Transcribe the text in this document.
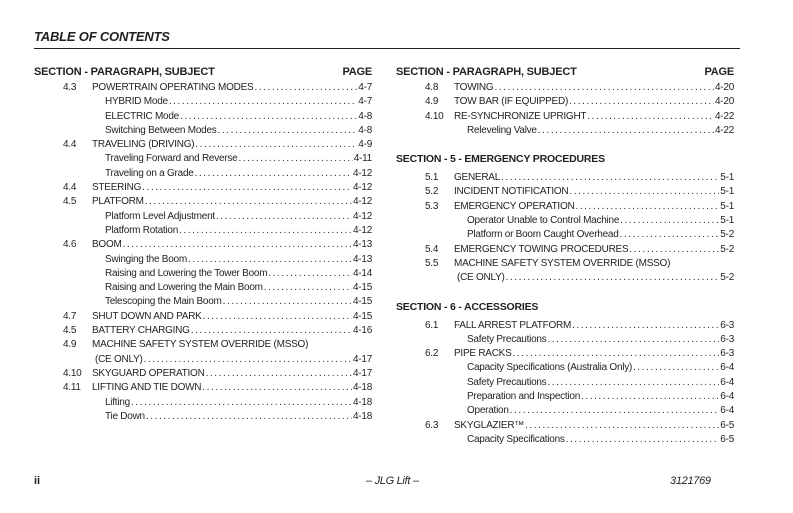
TABLE OF CONTENTS
SECTION - PARAGRAPH, SUBJECT	PAGE
4.3	POWERTRAIN OPERATING MODES . . .	4-7
HYBRID Mode . . .	4-7
ELECTRIC Mode . . .	4-8
Switching Between Modes . . .	4-8
4.4	TRAVELING (DRIVING) . . .	4-9
Traveling Forward and Reverse . . .	4-11
Traveling on a Grade . . .	4-12
4.4	STEERING . . .	4-12
4.5	PLATFORM . . .	4-12
Platform Level Adjustment . . .	4-12
Platform Rotation . . .	4-12
4.6	BOOM . . .	4-13
Swinging the Boom . . .	4-13
Raising and Lowering the Tower Boom . . .	4-14
Raising and Lowering the Main Boom . . .	4-15
Telescoping the Main Boom . . .	4-15
4.7	SHUT DOWN AND PARK . . .	4-15
4.5	BATTERY CHARGING . . .	4-16
4.9	MACHINE SAFETY SYSTEM OVERRIDE (MSSO)
(CE ONLY) . . .	4-17
4.10	SKYGUARD OPERATION . . .	4-17
4.11	LIFTING AND TIE DOWN . . .	4-18
Lifting . . .	4-18
Tie Down . . .	4-18
SECTION - PARAGRAPH, SUBJECT	PAGE
4.8	TOWING . . .	4-20
4.9	TOW BAR (IF EQUIPPED) . . .	4-20
4.10	RE-SYNCHRONIZE UPRIGHT . . .	4-22
Releveling Valve . . .	4-22
SECTION - 5 - EMERGENCY PROCEDURES
5.1	GENERAL . . .	5-1
5.2	INCIDENT NOTIFICATION . . .	5-1
5.3	EMERGENCY OPERATION . . .	5-1
Operator Unable to Control Machine . . .	5-1
Platform or Boom Caught Overhead . . .	5-2
5.4	EMERGENCY TOWING PROCEDURES . . .	5-2
5.5	MACHINE SAFETY SYSTEM OVERRIDE (MSSO)
(CE ONLY) . . .	5-2
SECTION - 6 - ACCESSORIES
6.1	FALL ARREST PLATFORM . . .	6-3
Safety Precautions . . .	6-3
6.2	PIPE RACKS . . .	6-3
Capacity Specifications (Australia Only) . . .	6-4
Safety Precautions . . .	6-4
Preparation and Inspection . . .	6-4
Operation . . .	6-4
6.3	SKYGLAZIER™ . . .	6-5
Capacity Specifications . . .	6-5
ii	– JLG Lift –	3121769
